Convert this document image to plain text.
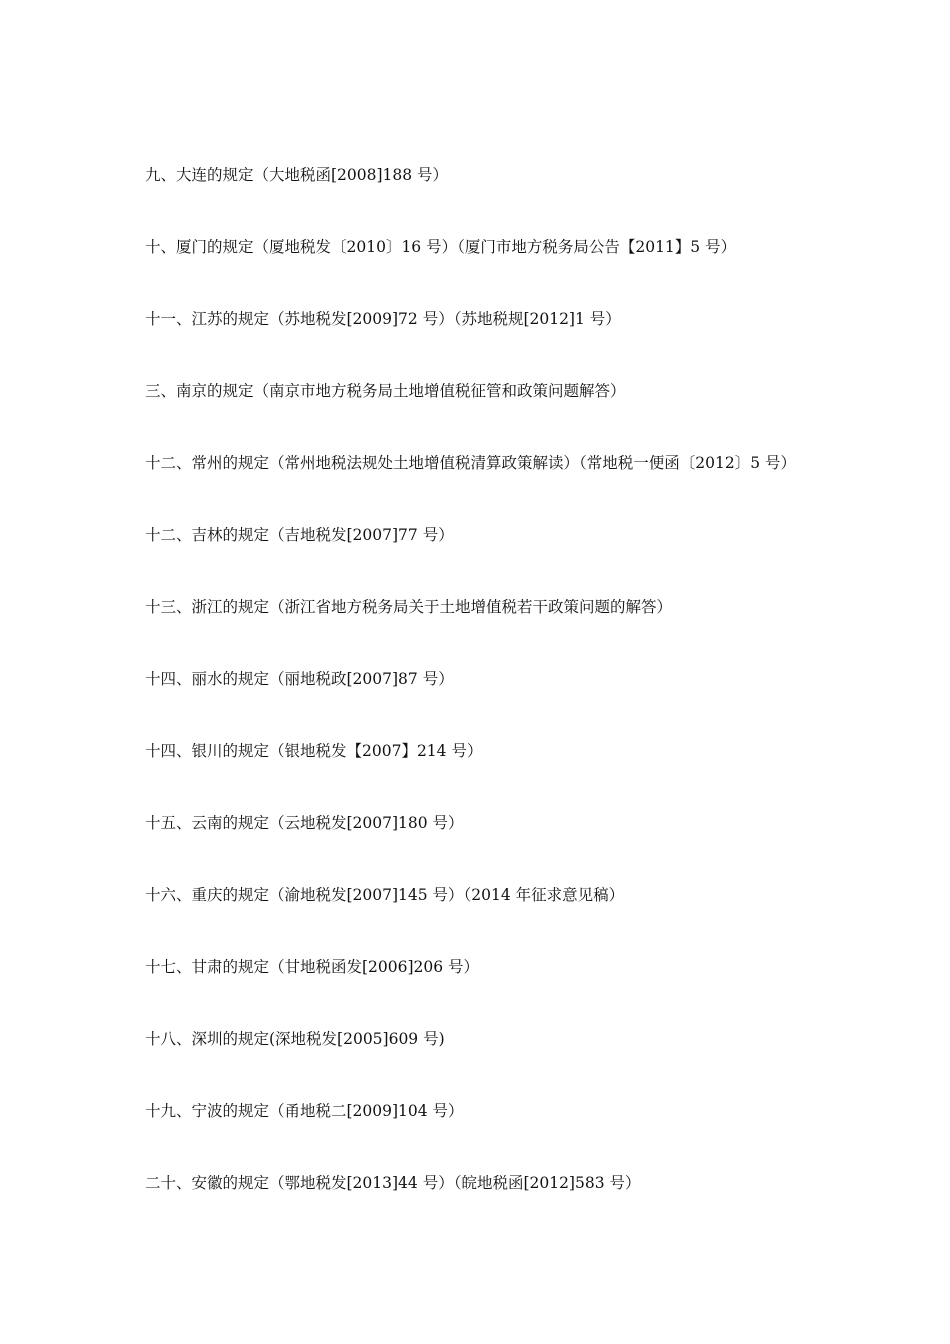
九、大连的规定（大地税函[2008]188 号）

十、厦门的规定（厦地税发〔2010〕16 号）（厦门市地方税务局公告【2011】5 号）

十一、江苏的规定（苏地税发[2009]72 号）（苏地税规[2012]1 号）

三、南京的规定（南京市地方税务局土地增值税征管和政策问题解答）

十二、常州的规定（常州地税法规处土地增值税清算政策解读）（常地税一便函〔2012〕5 号）

十二、吉林的规定（吉地税发[2007]77 号）

十三、浙江的规定（浙江省地方税务局关于土地增值税若干政策问题的解答）

十四、丽水的规定（丽地税政[2007]87 号）

十四、银川的规定（银地税发【2007】214 号）

十五、云南的规定（云地税发[2007]180 号）

十六、重庆的规定（渝地税发[2007]145 号）（2014 年征求意见稿）

十七、甘肃的规定（甘地税函发[2006]206 号）

十八、深圳的规定(深地税发[2005]609 号)

十九、宁波的规定（甬地税二[2009]104 号）

二十、安徽的规定（鄂地税发[2013]44 号）（皖地税函[2012]583 号）
